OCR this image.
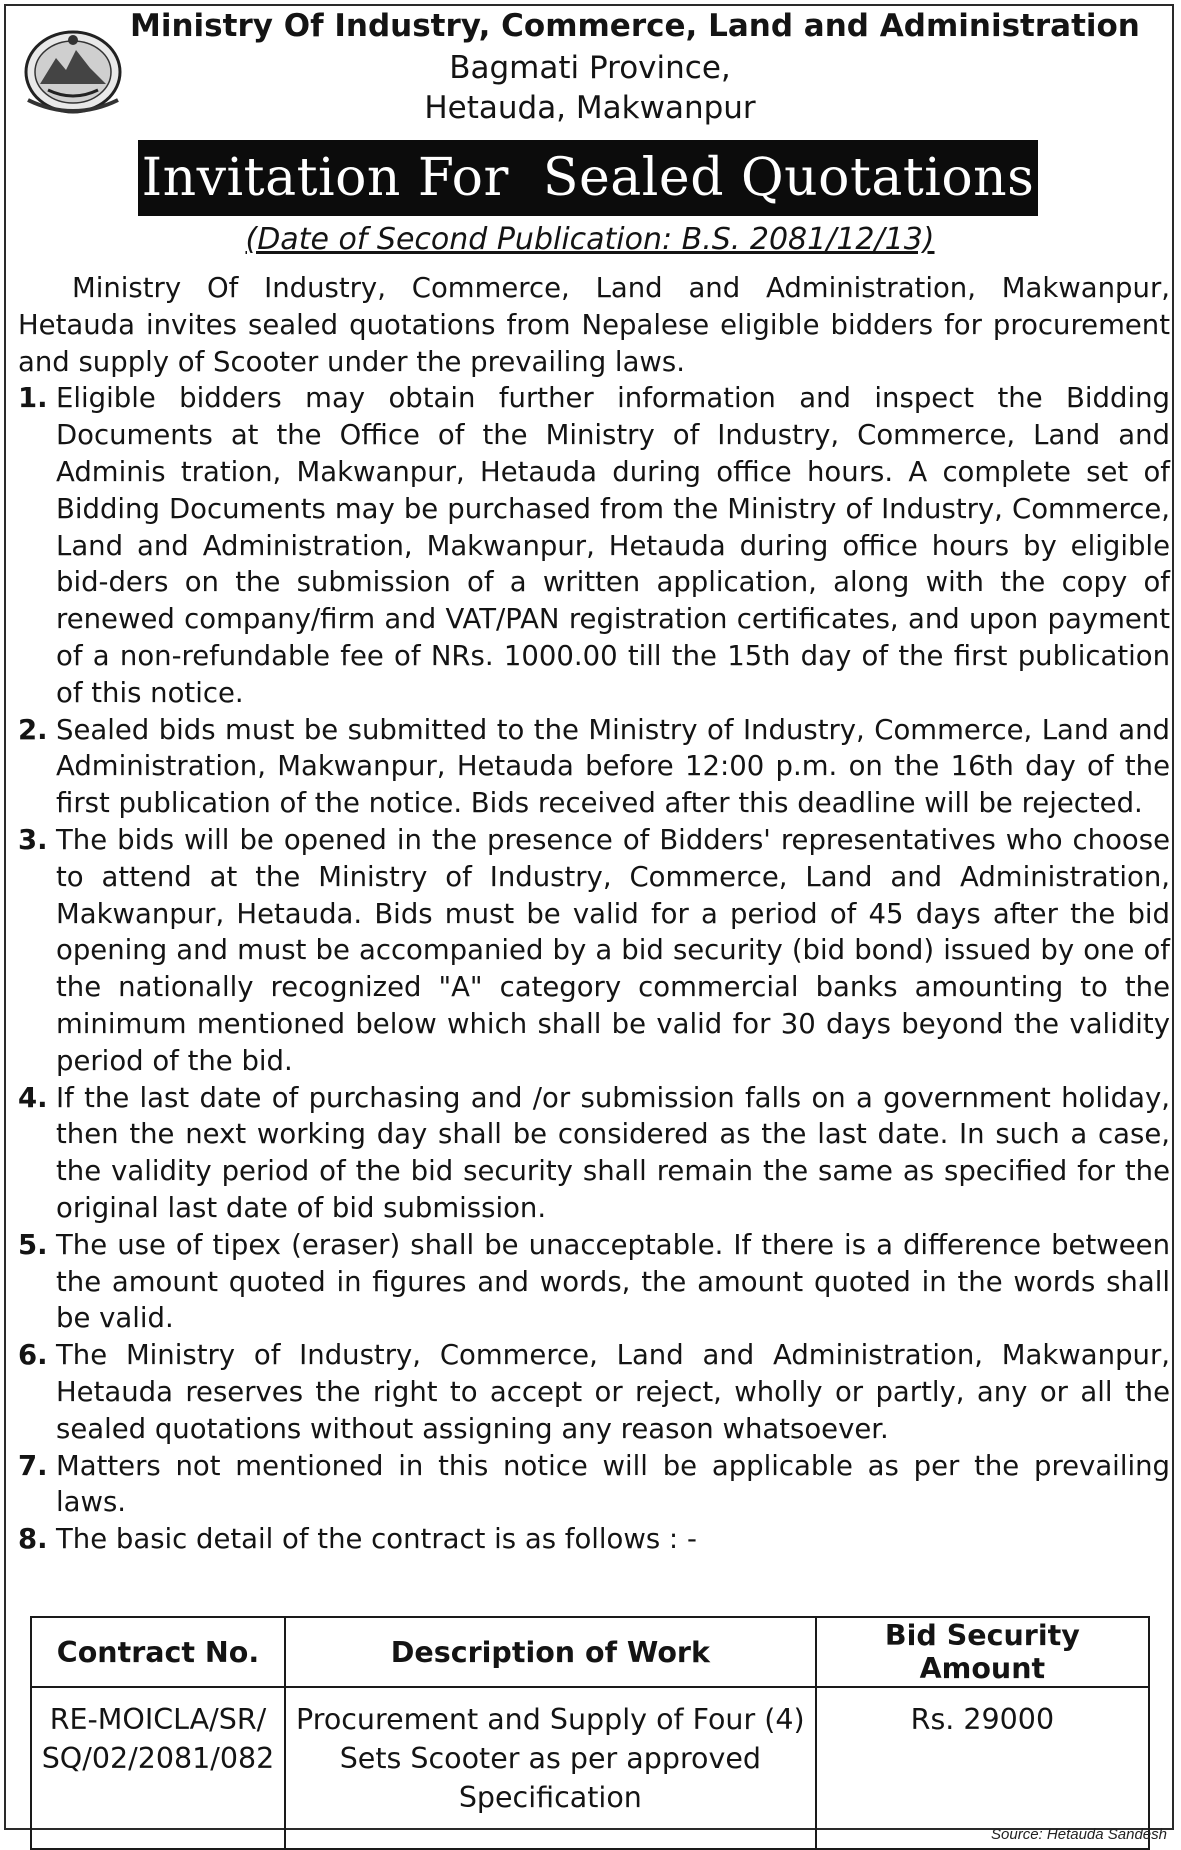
Ministry Of Industry, Commerce, Land and Administration
Bagmati Province,
Hetauda, Makwanpur
Invitation For  Sealed Quotations
(Date of Second Publication: B.S. 2081/12/13)

Ministry Of Industry, Commerce, Land and Administration, Makwanpur, Hetauda invites sealed quotations from Nepalese eligible bidders for procurement and supply of Scooter under the prevailing laws.

1. Eligible bidders may obtain further information and inspect the Bidding Documents at the Office of the Ministry of Industry, Commerce, Land and Adminis tration, Makwanpur, Hetauda during office hours. A complete set of Bidding Documents may be purchased from the Ministry of Industry, Commerce, Land and Administration, Makwanpur, Hetauda during office hours by eligible bid-ders on the submission of a written application, along with the copy of renewed company/firm and VAT/PAN registration certificates, and upon payment of a non-refundable fee of NRs. 1000.00 till the 15th day of the first publication of this notice.
2. Sealed bids must be submitted to the Ministry of Industry, Commerce, Land and Administration, Makwanpur, Hetauda before 12:00 p.m. on the 16th day of the first publication of the notice. Bids received after this deadline will be rejected.
3. The bids will be opened in the presence of Bidders' representatives who choose to attend at the Ministry of Industry, Commerce, Land and Administration, Makwanpur, Hetauda. Bids must be valid for a period of 45 days after the bid opening and must be accompanied by a bid security (bid bond) issued by one of the nationally recognized "A" category commercial banks amounting to the minimum mentioned below which shall be valid for 30 days beyond the validity period of the bid.
4. If the last date of purchasing and /or submission falls on a government holiday, then the next working day shall be considered as the last date. In such a case, the validity period of the bid security shall remain the same as specified for the original last date of bid submission.
5. The use of tipex (eraser) shall be unacceptable. If there is a difference between the amount quoted in figures and words, the amount quoted in the words shall be valid.
6. The Ministry of Industry, Commerce, Land and Administration, Makwanpur, Hetauda reserves the right to accept or reject, wholly or partly, any or all the sealed quotations without assigning any reason whatsoever.
7. Matters not mentioned in this notice will be applicable as per the prevailing laws.
8. The basic detail of the contract is as follows : -
Contract No.	Description of Work	Bid Security Amount
RE-MOICLA/SR/ SQ/02/2081/082	Procurement and Supply of Four (4) Sets Scooter as per approved Specification	Rs. 29000
Source: Hetauda Sandesh
